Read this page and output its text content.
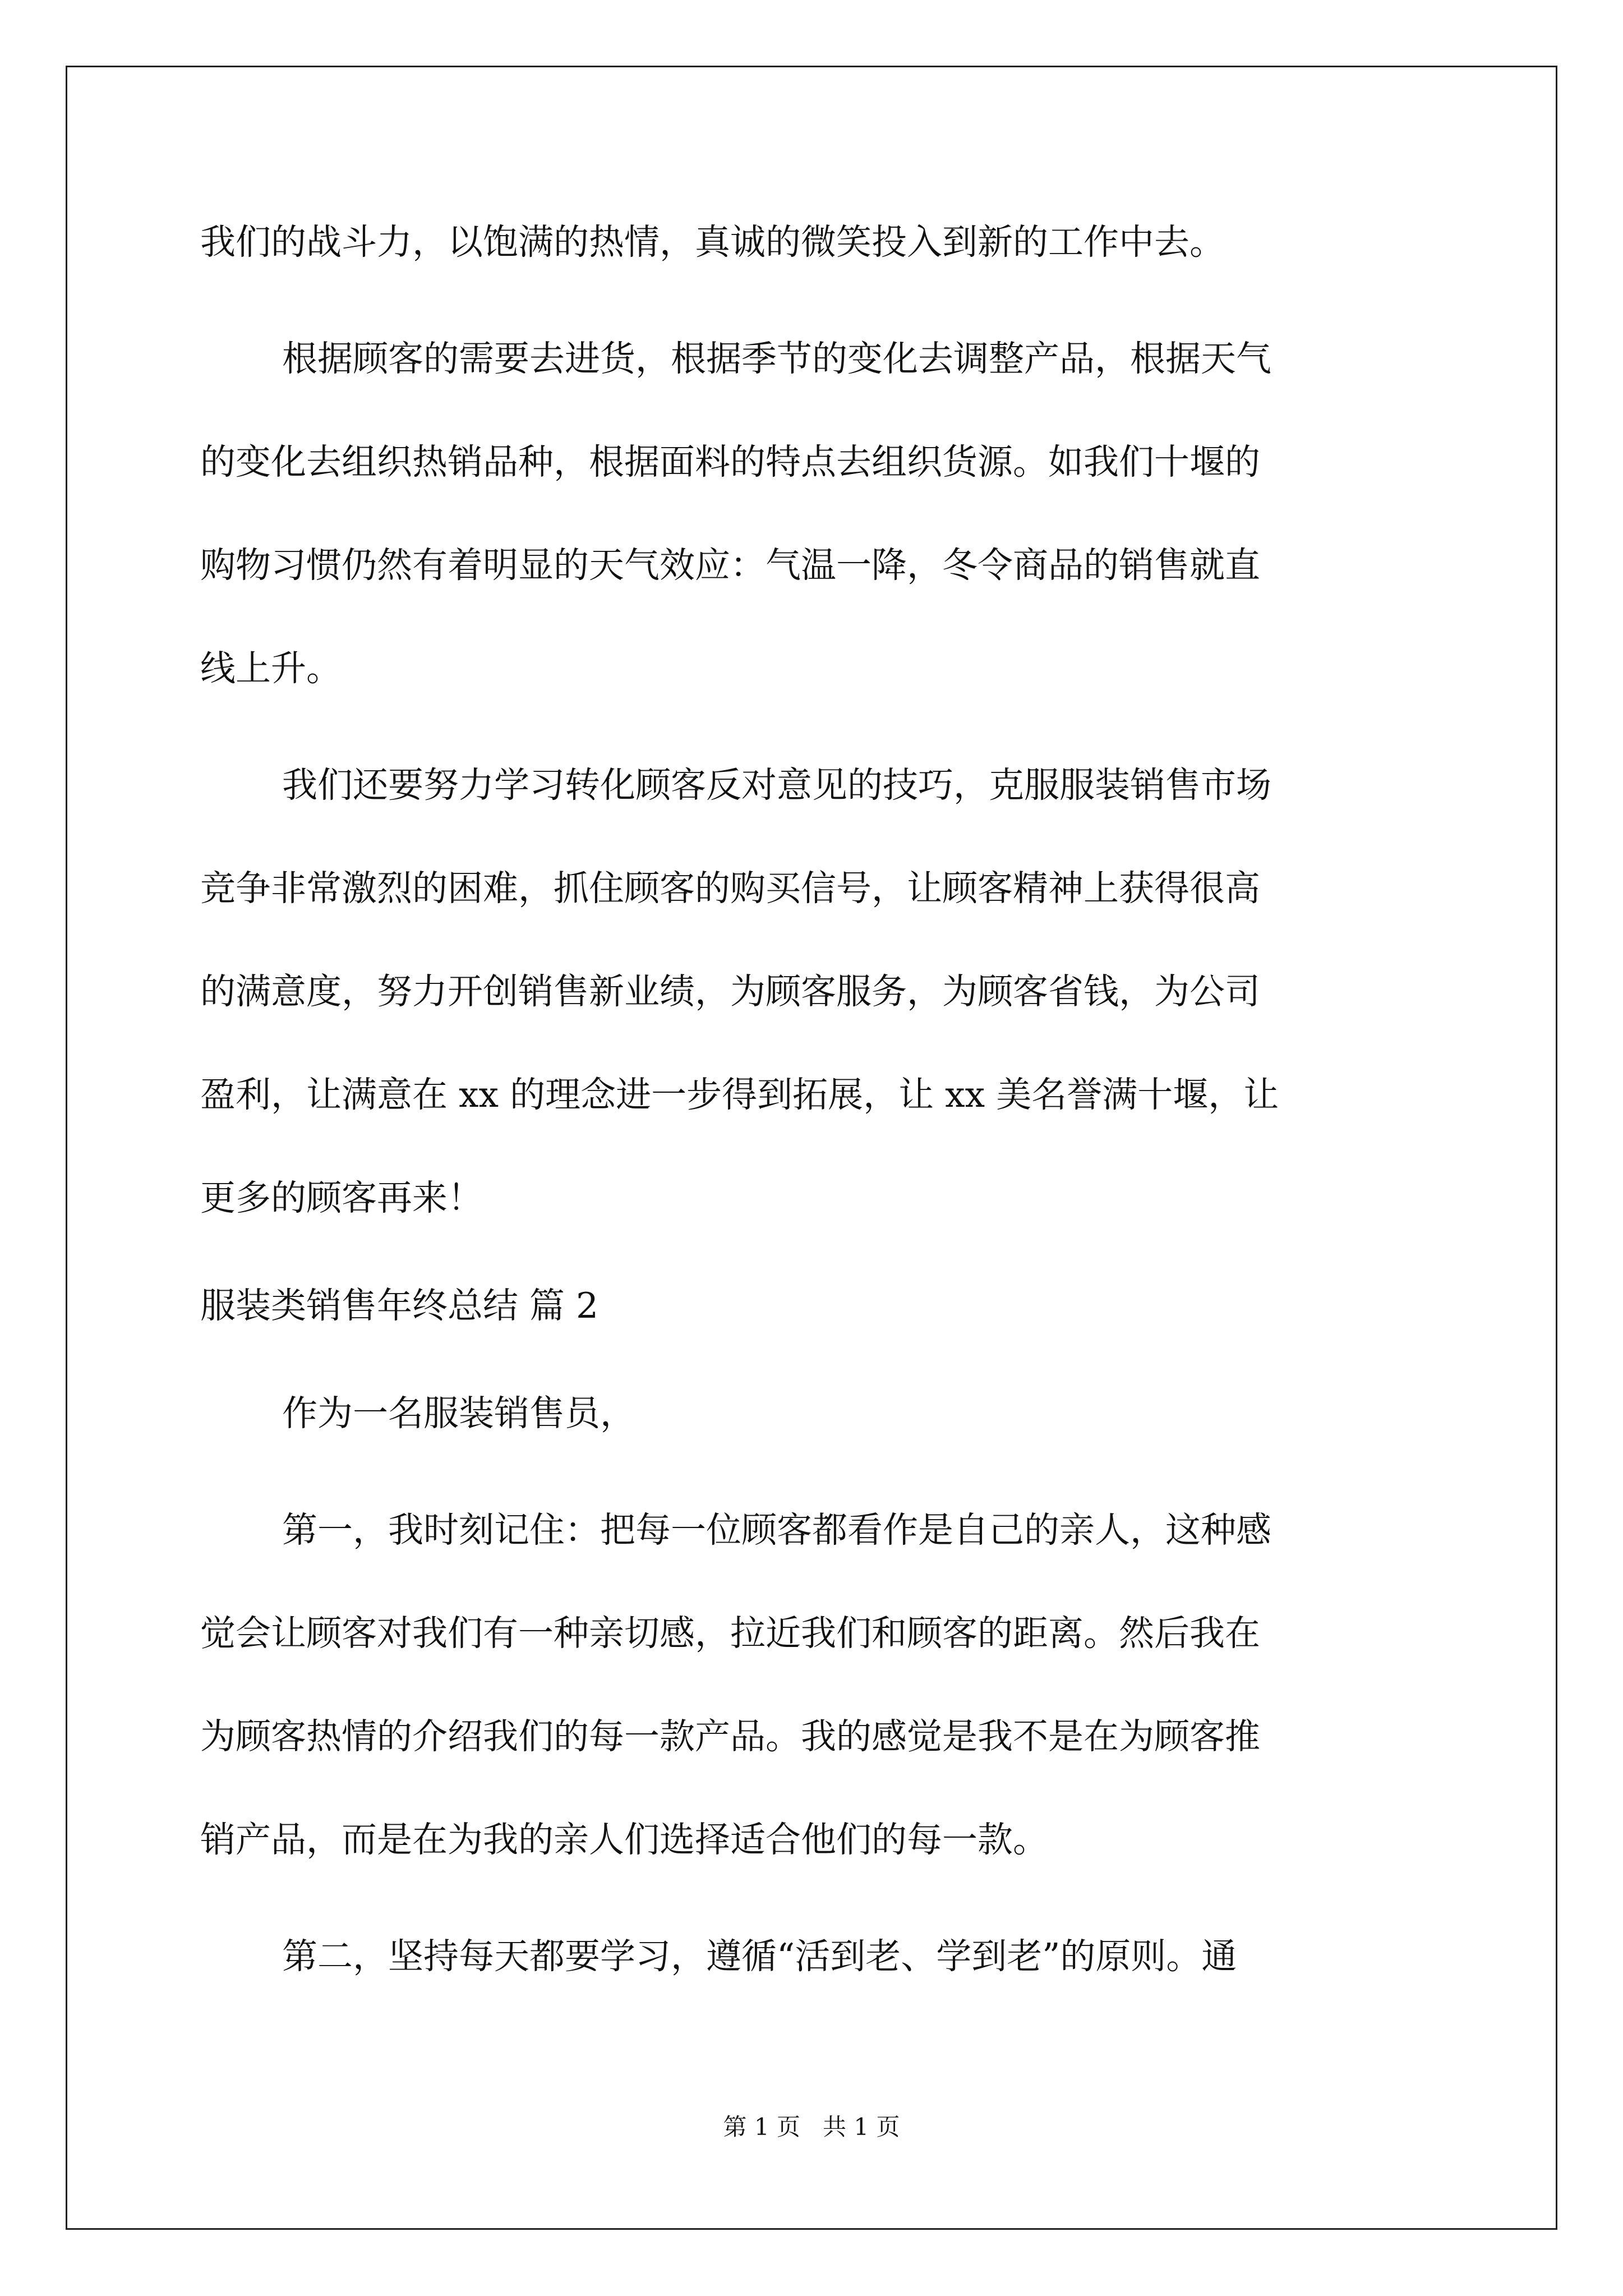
我们的战斗力，以饱满的热情，真诚的微笑投入到新的工作中去。
根据顾客的需要去进货，根据季节的变化去调整产品，根据天气
的变化去组织热销品种，根据面料的特点去组织货源。如我们十堰的
购物习惯仍然有着明显的天气效应：气温一降，冬令商品的销售就直
线上升。
我们还要努力学习转化顾客反对意见的技巧，克服服装销售市场
竞争非常激烈的困难，抓住顾客的购买信号，让顾客精神上获得很高
的满意度，努力开创销售新业绩，为顾客服务，为顾客省钱，为公司
盈利，让满意在 xx 的理念进一步得到拓展，让 xx 美名誉满十堰，让
更多的顾客再来！
服装类销售年终总结 篇 2
作为一名服装销售员，
第一，我时刻记住：把每一位顾客都看作是自己的亲人，这种感
觉会让顾客对我们有一种亲切感，拉近我们和顾客的距离。然后我在
为顾客热情的介绍我们的每一款产品。我的感觉是我不是在为顾客推
销产品，而是在为我的亲人们选择适合他们的每一款。
第二，坚持每天都要学习，遵循“活到老、学到老”的原则。通
第 1 页   共 1 页
